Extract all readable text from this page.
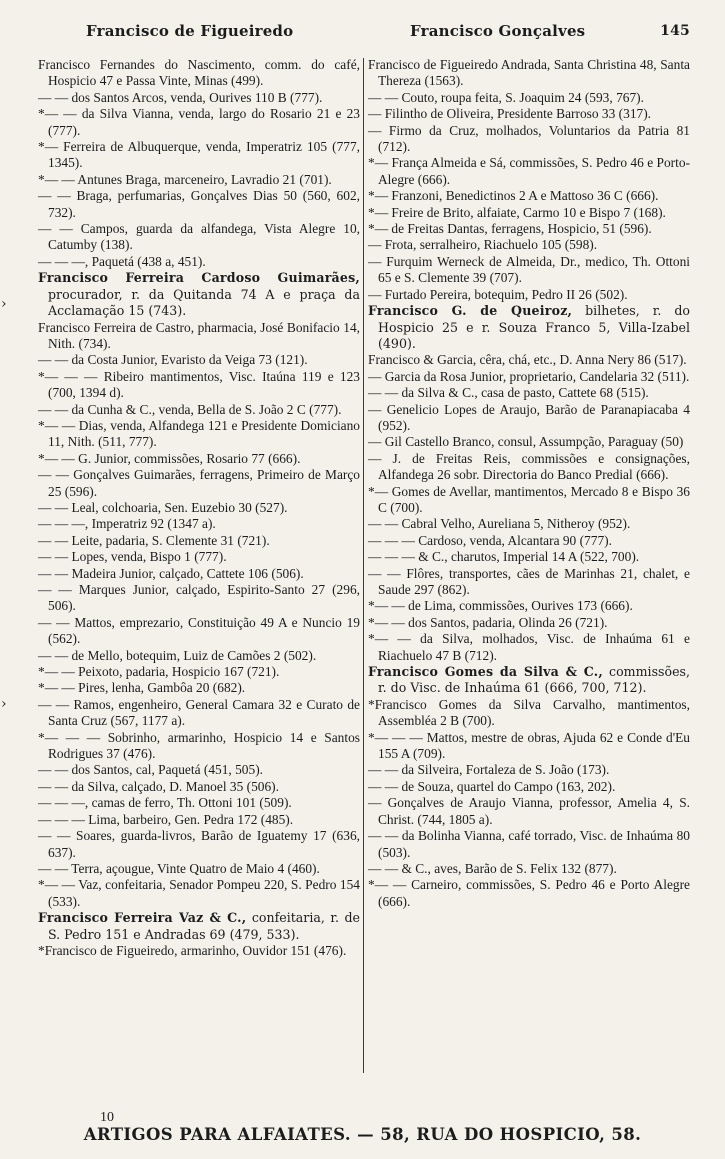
Francisco de Figueiredo	Francisco Gonçalves	145
›
›

Francisco Fernandes do Nascimento, comm. do café, Hospicio 47 e Passa Vinte, Minas (499).

— — dos Santos Arcos, venda, Ourives 110 B (777).

*— — da Silva Vianna, venda, largo do Rosario 21 e 23 (777).

*— Ferreira de Albuquerque, venda, Imperatriz 105 (777, 1345).

*— — Antunes Braga, marceneiro, Lavradio 21 (701).

— — Braga, perfumarias, Gonçalves Dias 50 (560, 602, 732).

— — Campos, guarda da alfandega, Vista Alegre 10, Catumby (138).

— — —, Paquetá (438 a, 451).

Francisco Ferreira Cardoso Guimarães, procurador, r. da Quitanda 74 A e praça da Acclamação 15 (743).

Francisco Ferreira de Castro, pharmacia, José Bonifacio 14, Nith. (734).

— — da Costa Junior, Evaristo da Veiga 73 (121).

*— — — Ribeiro mantimentos, Visc. Itaúna 119 e 123 (700, 1394 d).

— — da Cunha & C., venda, Bella de S. João 2 C (777).

*— — Dias, venda, Alfandega 121 e Presidente Domiciano 11, Nith. (511, 777).

*— — G. Junior, commissões, Rosario 77 (666).

— — Gonçalves Guimarães, ferragens, Primeiro de Março 25 (596).

— — Leal, colchoaria, Sen. Euzebio 30 (527).

— — —, Imperatriz 92 (1347 a).

— — Leite, padaria, S. Clemente 31 (721).

— — Lopes, venda, Bispo 1 (777).

— — Madeira Junior, calçado, Cattete 106 (506).

— — Marques Junior, calçado, Espirito-Santo 27 (296, 506).

— — Mattos, emprezario, Constituição 49 A e Nuncio 19 (562).

— — de Mello, botequim, Luiz de Camões 2 (502).

*— — Peixoto, padaria, Hospicio 167 (721).

*— — Pires, lenha, Gambôa 20 (682).

— — Ramos, engenheiro, General Camara 32 e Curato de Santa Cruz (567, 1177 a).

*— — — Sobrinho, armarinho, Hospicio 14 e Santos Rodrigues 37 (476).

— — dos Santos, cal, Paquetá (451, 505).

— — da Silva, calçado, D. Manoel 35 (506).

— — —, camas de ferro, Th. Ottoni 101 (509).

— — — Lima, barbeiro, Gen. Pedra 172 (485).

— — Soares, guarda-livros, Barão de Iguatemy 17 (636, 637).

— — Terra, açougue, Vinte Quatro de Maio 4 (460).

*— — Vaz, confeitaria, Senador Pompeu 220, S. Pedro 154 (533).

Francisco Ferreira Vaz & C., confeitaria, r. de S. Pedro 151 e Andradas 69 (479, 533).

*Francisco de Figueiredo, armarinho, Ouvidor 151 (476).

Francisco de Figueiredo Andrada, Santa Christina 48, Santa Thereza (1563).

— — Couto, roupa feita, S. Joaquim 24 (593, 767).

— Filintho de Oliveira, Presidente Barroso 33 (317).

— Firmo da Cruz, molhados, Voluntarios da Patria 81 (712).

*— França Almeida e Sá, commissões, S. Pedro 46 e Porto-Alegre (666).

*— Franzoni, Benedictinos 2 A e Mattoso 36 C (666).

*— Freire de Brito, alfaiate, Carmo 10 e Bispo 7 (168).

*— de Freitas Dantas, ferragens, Hospicio, 51 (596).

— Frota, serralheiro, Riachuelo 105 (598).

— Furquim Werneck de Almeida, Dr., medico, Th. Ottoni 65 e S. Clemente 39 (707).

— Furtado Pereira, botequim, Pedro II 26 (502).

Francisco G. de Queiroz, bilhetes, r. do Hospicio 25 e r. Souza Franco 5, Villa-Izabel (490).

Francisco & Garcia, cêra, chá, etc., D. Anna Nery 86 (517).

— Garcia da Rosa Junior, proprietario, Candelaria 32 (511).

— — da Silva & C., casa de pasto, Cattete 68 (515).

— Genelicio Lopes de Araujo, Barão de Paranapiacaba 4 (952).

— Gil Castello Branco, consul, Assumpção, Paraguay (50)

— J. de Freitas Reis, commissões e consignações, Alfandega 26 sobr. Directoria do Banco Predial (666).

*— Gomes de Avellar, mantimentos, Mercado 8 e Bispo 36 C (700).

— — Cabral Velho, Aureliana 5, Nitheroy (952).

— — — Cardoso, venda, Alcantara 90 (777).

— — — & C., charutos, Imperial 14 A (522, 700).

— — Flôres, transportes, cães de Marinhas 21, chalet, e Saude 297 (862).

*— — de Lima, commissões, Ourives 173 (666).

*— — dos Santos, padaria, Olinda 26 (721).

*— — da Silva, molhados, Visc. de Inhaúma 61 e Riachuelo 47 B (712).

Francisco Gomes da Silva & C., commissões, r. do Visc. de Inhaúma 61 (666, 700, 712).

*Francisco Gomes da Silva Carvalho, mantimentos, Assembléa 2 B (700).

*— — — Mattos, mestre de obras, Ajuda 62 e Conde d'Eu 155 A (709).

— — da Silveira, Fortaleza de S. João (173).

— — de Souza, quartel do Campo (163, 202).

— Gonçalves de Araujo Vianna, professor, Amelia 4, S. Christ. (744, 1805 a).

— — da Bolinha Vianna, café torrado, Visc. de Inhaúma 80 (503).

— — & C., aves, Barão de S. Felix 132 (877).

*— — Carneiro, commissões, S. Pedro 46 e Porto Alegre (666).

10
ARTIGOS PARA ALFAIATES. — 58, RUA DO HOSPICIO, 58.
